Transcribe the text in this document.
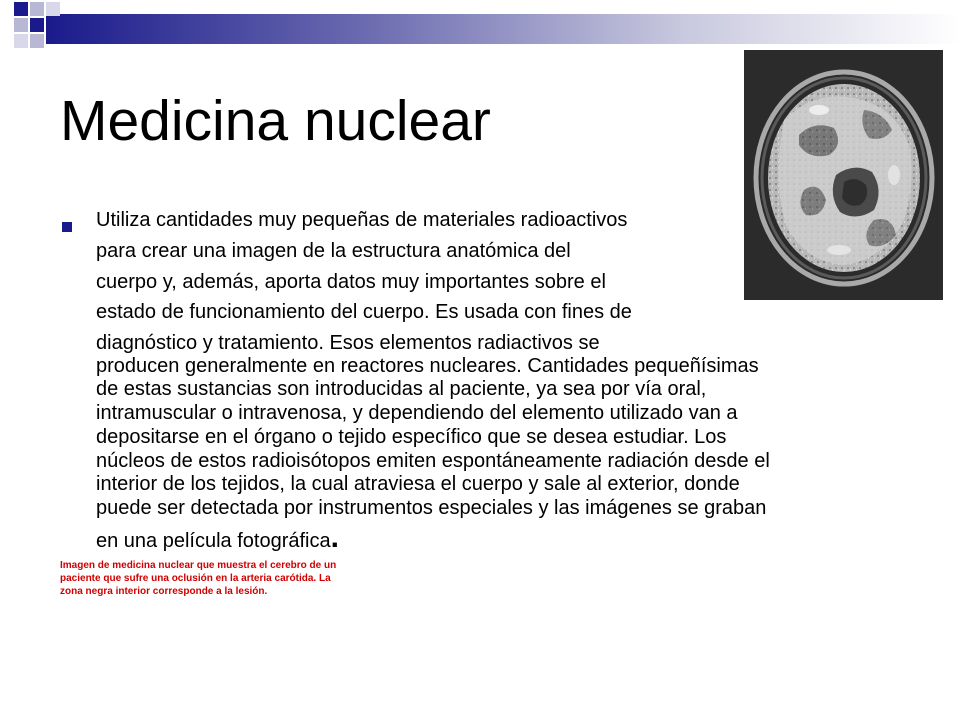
Medicina nuclear
Utiliza cantidades muy pequeñas de materiales radioactivos
para crear una imagen de la estructura anatómica del
cuerpo y, además, aporta datos muy importantes sobre el
estado de funcionamiento del cuerpo. Es usada con fines de
diagnóstico y tratamiento. Esos elementos radiactivos se
producen generalmente en reactores nucleares. Cantidades pequeñísimas
de estas sustancias son introducidas al paciente, ya sea por vía oral,
intramuscular o intravenosa, y dependiendo del elemento utilizado van a
depositarse en el órgano o tejido específico que se desea estudiar. Los
núcleos de estos radioisótopos emiten espontáneamente radiación desde el
interior de los tejidos, la cual atraviesa el cuerpo y sale al exterior, donde
puede ser detectada por instrumentos especiales y las imágenes se graban
en una película fotográfica.
Imagen de medicina nuclear que muestra el cerebro de un
paciente que sufre una oclusión en la arteria carótida. La
zona negra interior corresponde a la lesión.
